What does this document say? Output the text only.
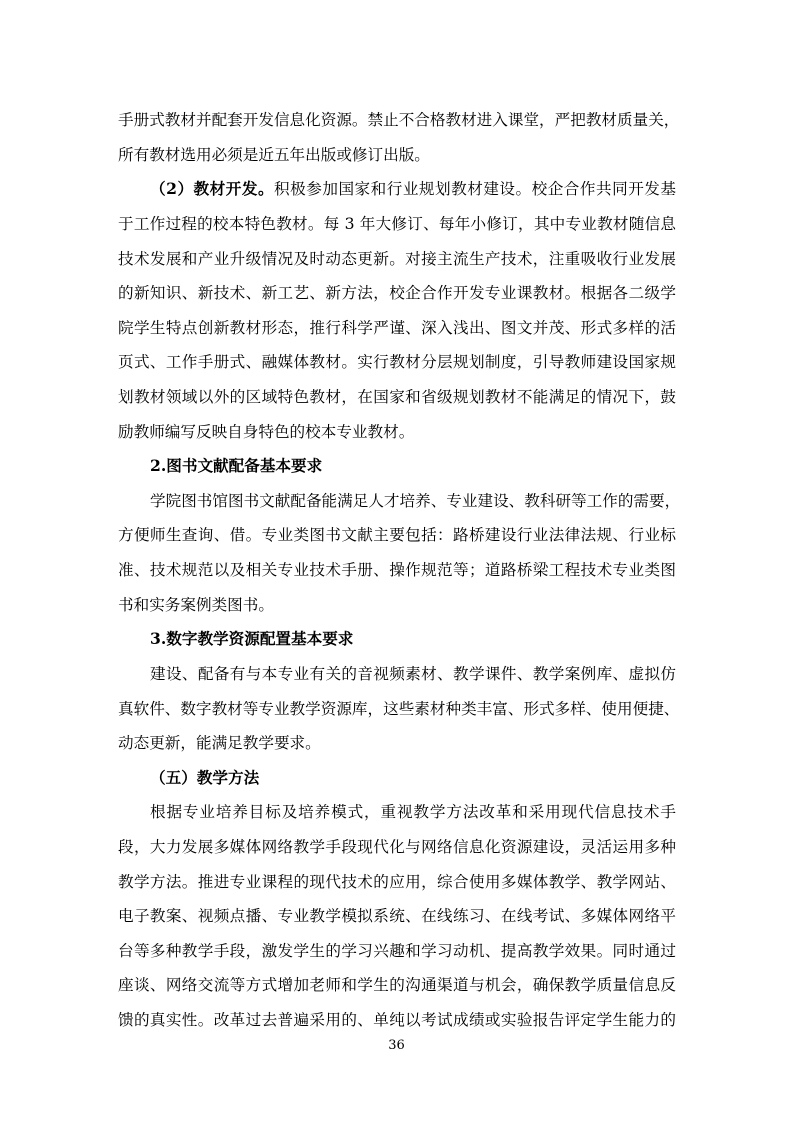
手册式教材并配套开发信息化资源。禁止不合格教材进入课堂，严把教材质量关，
所有教材选用必须是近五年出版或修订出版。
（2）教材开发。积极参加国家和行业规划教材建设。校企合作共同开发基
于工作过程的校本特色教材。每 3 年大修订、每年小修订，其中专业教材随信息
技术发展和产业升级情况及时动态更新。对接主流生产技术，注重吸收行业发展
的新知识、新技术、新工艺、新方法，校企合作开发专业课教材。根据各二级学
院学生特点创新教材形态，推行科学严谨、深入浅出、图文并茂、形式多样的活
页式、工作手册式、融媒体教材。实行教材分层规划制度，引导教师建设国家规
划教材领域以外的区域特色教材，在国家和省级规划教材不能满足的情况下，鼓
励教师编写反映自身特色的校本专业教材。
2.图书文献配备基本要求
学院图书馆图书文献配备能满足人才培养、专业建设、教科研等工作的需要，
方便师生查询、借。专业类图书文献主要包括：路桥建设行业法律法规、行业标
准、技术规范以及相关专业技术手册、操作规范等；道路桥梁工程技术专业类图
书和实务案例类图书。
3.数字教学资源配置基本要求
建设、配备有与本专业有关的音视频素材、教学课件、教学案例库、虚拟仿
真软件、数字教材等专业教学资源库，这些素材种类丰富、形式多样、使用便捷、
动态更新，能满足教学要求。
（五）教学方法
根据专业培养目标及培养模式，重视教学方法改革和采用现代信息技术手
段，大力发展多媒体网络教学手段现代化与网络信息化资源建设，灵活运用多种
教学方法。推进专业课程的现代技术的应用，综合使用多媒体教学、教学网站、
电子教案、视频点播、专业教学模拟系统、在线练习、在线考试、多媒体网络平
台等多种教学手段，激发学生的学习兴趣和学习动机、提高教学效果。同时通过
座谈、网络交流等方式增加老师和学生的沟通渠道与机会，确保教学质量信息反
36
馈的真实性。改革过去普遍采用的、单纯以考试成绩或实验报告评定学生能力的
